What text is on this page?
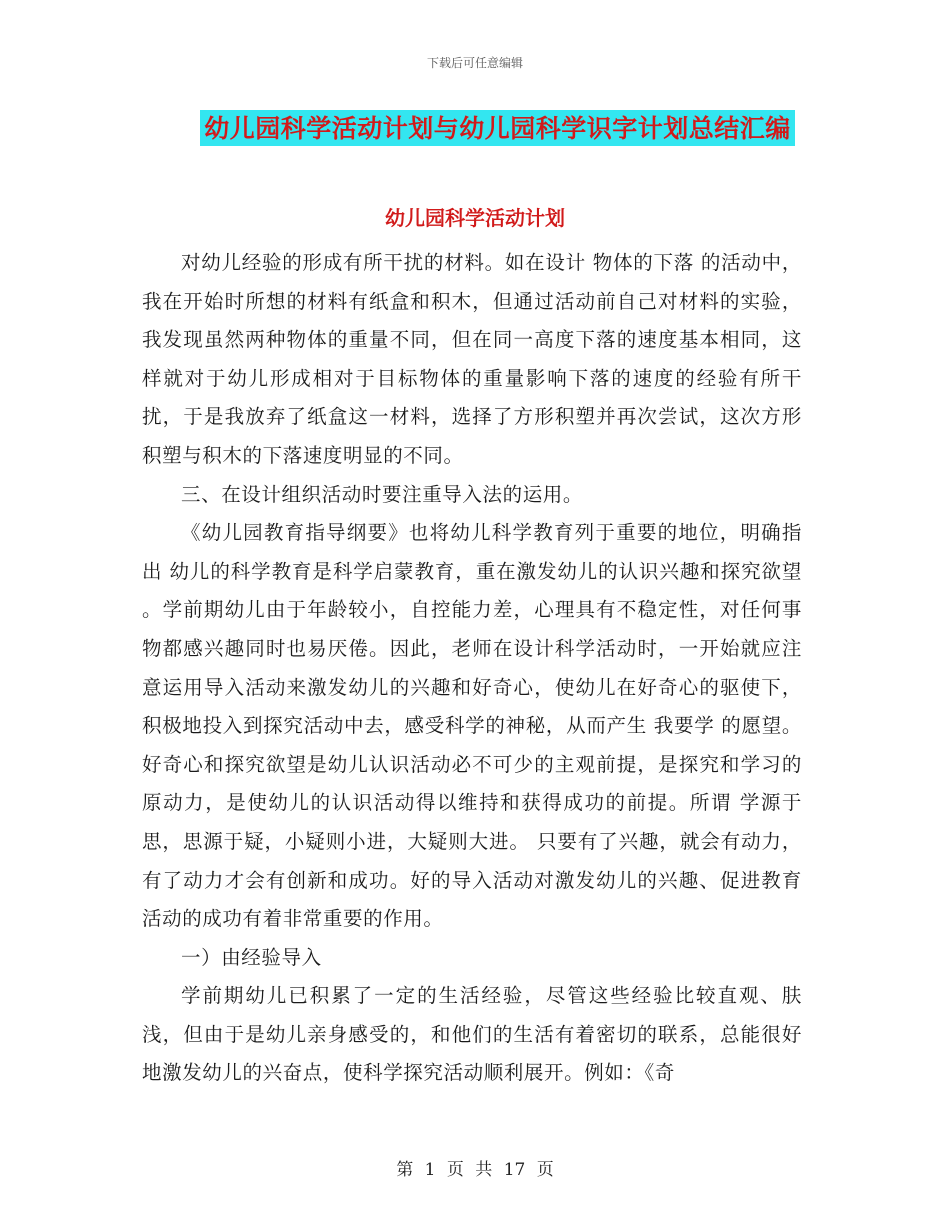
下载后可任意编辑
幼儿园科学活动计划与幼儿园科学识字计划总结汇编
幼儿园科学活动计划

对幼儿经验的形成有所干扰的材料。如在设计 物体的下落 的活动中，我在开始时所想的材料有纸盒和积木，但通过活动前自己对材料的实验，我发现虽然两种物体的重量不同，但在同一高度下落的速度基本相同，这样就对于幼儿形成相对于目标物体的重量影响下落的速度的经验有所干扰，于是我放弃了纸盒这一材料，选择了方形积塑并再次尝试，这次方形积塑与积木的下落速度明显的不同。

三、在设计组织活动时要注重导入法的运用。

《幼儿园教育指导纲要》也将幼儿科学教育列于重要的地位，明确指出 幼儿的科学教育是科学启蒙教育，重在激发幼儿的认识兴趣和探究欲望 。学前期幼儿由于年龄较小，自控能力差，心理具有不稳定性，对任何事物都感兴趣同时也易厌倦。因此，老师在设计科学活动时，一开始就应注意运用导入活动来激发幼儿的兴趣和好奇心，使幼儿在好奇心的驱使下，积极地投入到探究活动中去，感受科学的神秘，从而产生 我要学 的愿望。好奇心和探究欲望是幼儿认识活动必不可少的主观前提，是探究和学习的原动力，是使幼儿的认识活动得以维持和获得成功的前提。所谓 学源于思，思源于疑，小疑则小进，大疑则大进。 只要有了兴趣，就会有动力，有了动力才会有创新和成功。好的导入活动对激发幼儿的兴趣、促进教育活动的成功有着非常重要的作用。

一）由经验导入

学前期幼儿已积累了一定的生活经验，尽管这些经验比较直观、肤浅，但由于是幼儿亲身感受的，和他们的生活有着密切的联系，总能很好地激发幼儿的兴奋点，使科学探究活动顺利展开。例如：《奇

第 1 页 共 17 页
